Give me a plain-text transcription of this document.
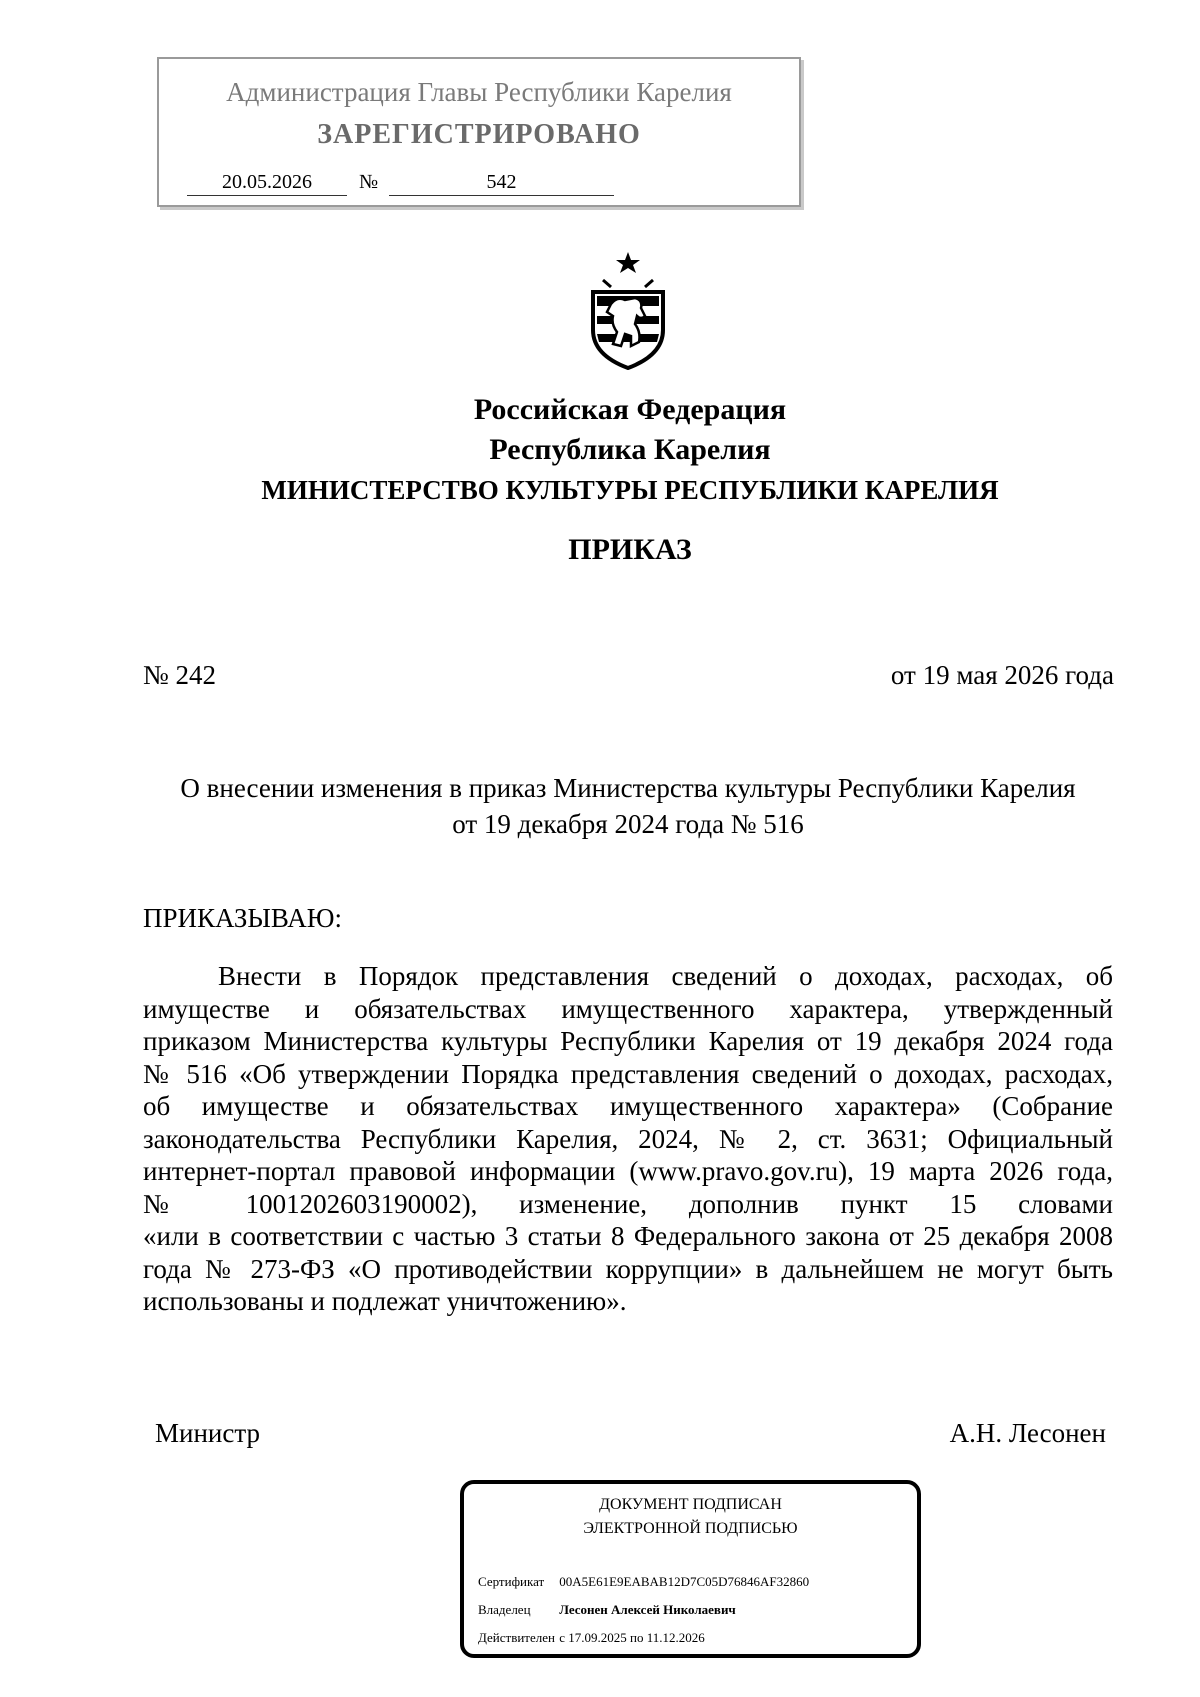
Администрация Главы Республики Карелия
ЗАРЕГИСТРИРОВАНО
20.05.2026	№	542
Российская Федерация
Республика Карелия
МИНИСТЕРСТВО КУЛЬТУРЫ РЕСПУБЛИКИ КАРЕЛИЯ
ПРИКАЗ
№ 242	от 19 мая 2026 года
О внесении изменения в приказ Министерства культуры Республики Карелия
от 19 декабря 2024 года № 516
ПРИКАЗЫВАЮ:
Внести в Порядок представления сведений о доходах, расходах, об
имуществе и обязательствах имущественного характера, утвержденный
приказом Министерства культуры Республики Карелия от 19 декабря 2024 года
№ 516 «Об утверждении Порядка представления сведений о доходах, расходах,
об имуществе и обязательствах имущественного характера» (Собрание
законодательства Республики Карелия, 2024, № 2, ст. 3631; Официальный
интернет-портал правовой информации (www.pravo.gov.ru), 19 марта 2026 года,
№ 1001202603190002), изменение, дополнив пункт 15 словами
«или в соответствии с частью 3 статьи 8 Федерального закона от 25 декабря 2008
года № 273-ФЗ «О противодействии коррупции» в дальнейшем не могут быть
использованы и подлежат уничтожению».
Министр	А.Н. Лесонен
ДОКУМЕНТ ПОДПИСАН
ЭЛЕКТРОННОЙ ПОДПИСЬЮ
Сертификат 00A5E61E9EABAB12D7C05D76846AF32860
Владелец Лесонен Алексей Николаевич
Действителен с 17.09.2025 по 11.12.2026
